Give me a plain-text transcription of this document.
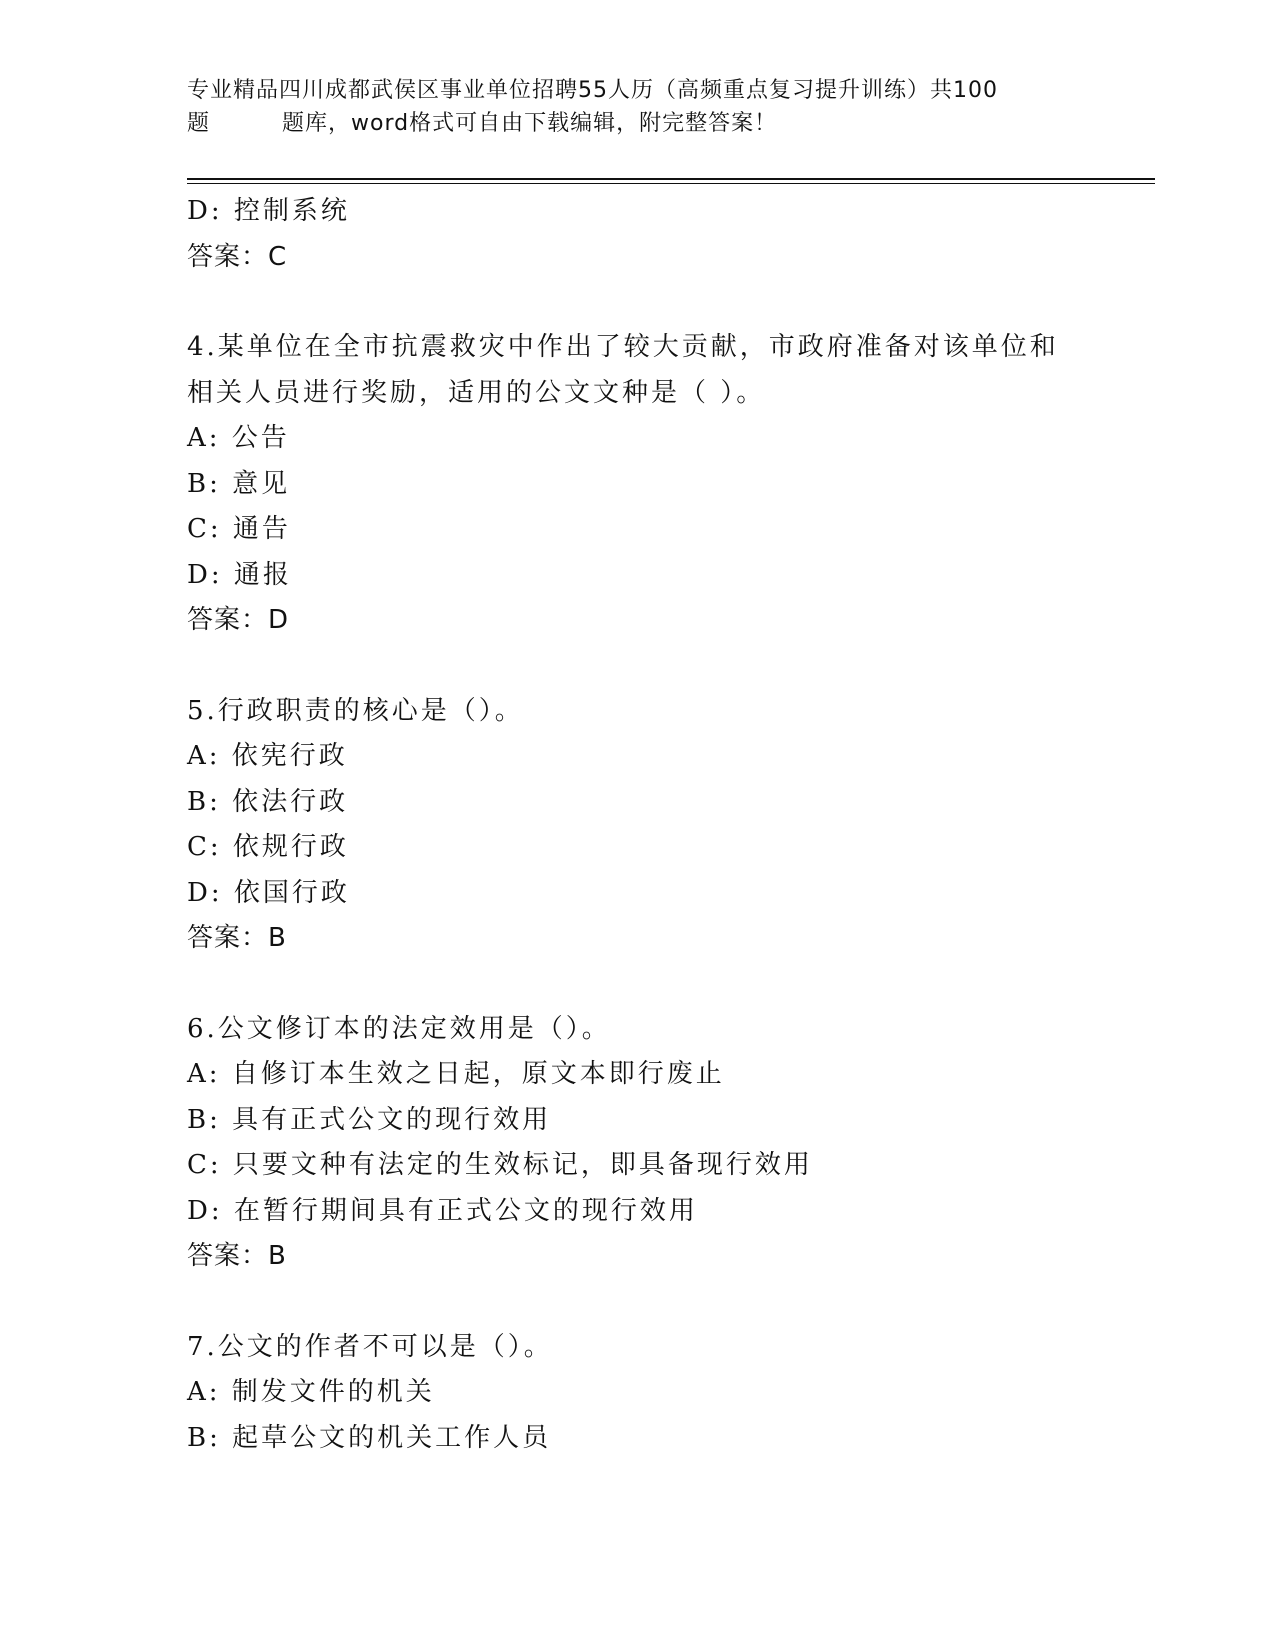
专业精品四川成都武侯区事业单位招聘55人历（高频重点复习提升训练）共100
题	题库，word格式可自由下载编辑，附完整答案！
D: 控制系统
答案：C
4.某单位在全市抗震救灾中作出了较大贡献，市政府准备对该单位和
相关人员进行奖励，适用的公文文种是（ ）。
A: 公告
B: 意见
C: 通告
D: 通报
答案：D
5.行政职责的核心是（）。
A: 依宪行政
B: 依法行政
C: 依规行政
D: 依国行政
答案：B
6.公文修订本的法定效用是（）。
A: 自修订本生效之日起，原文本即行废止
B: 具有正式公文的现行效用
C: 只要文种有法定的生效标记，即具备现行效用
D: 在暂行期间具有正式公文的现行效用
答案：B
7.公文的作者不可以是（）。
A: 制发文件的机关
B: 起草公文的机关工作人员
